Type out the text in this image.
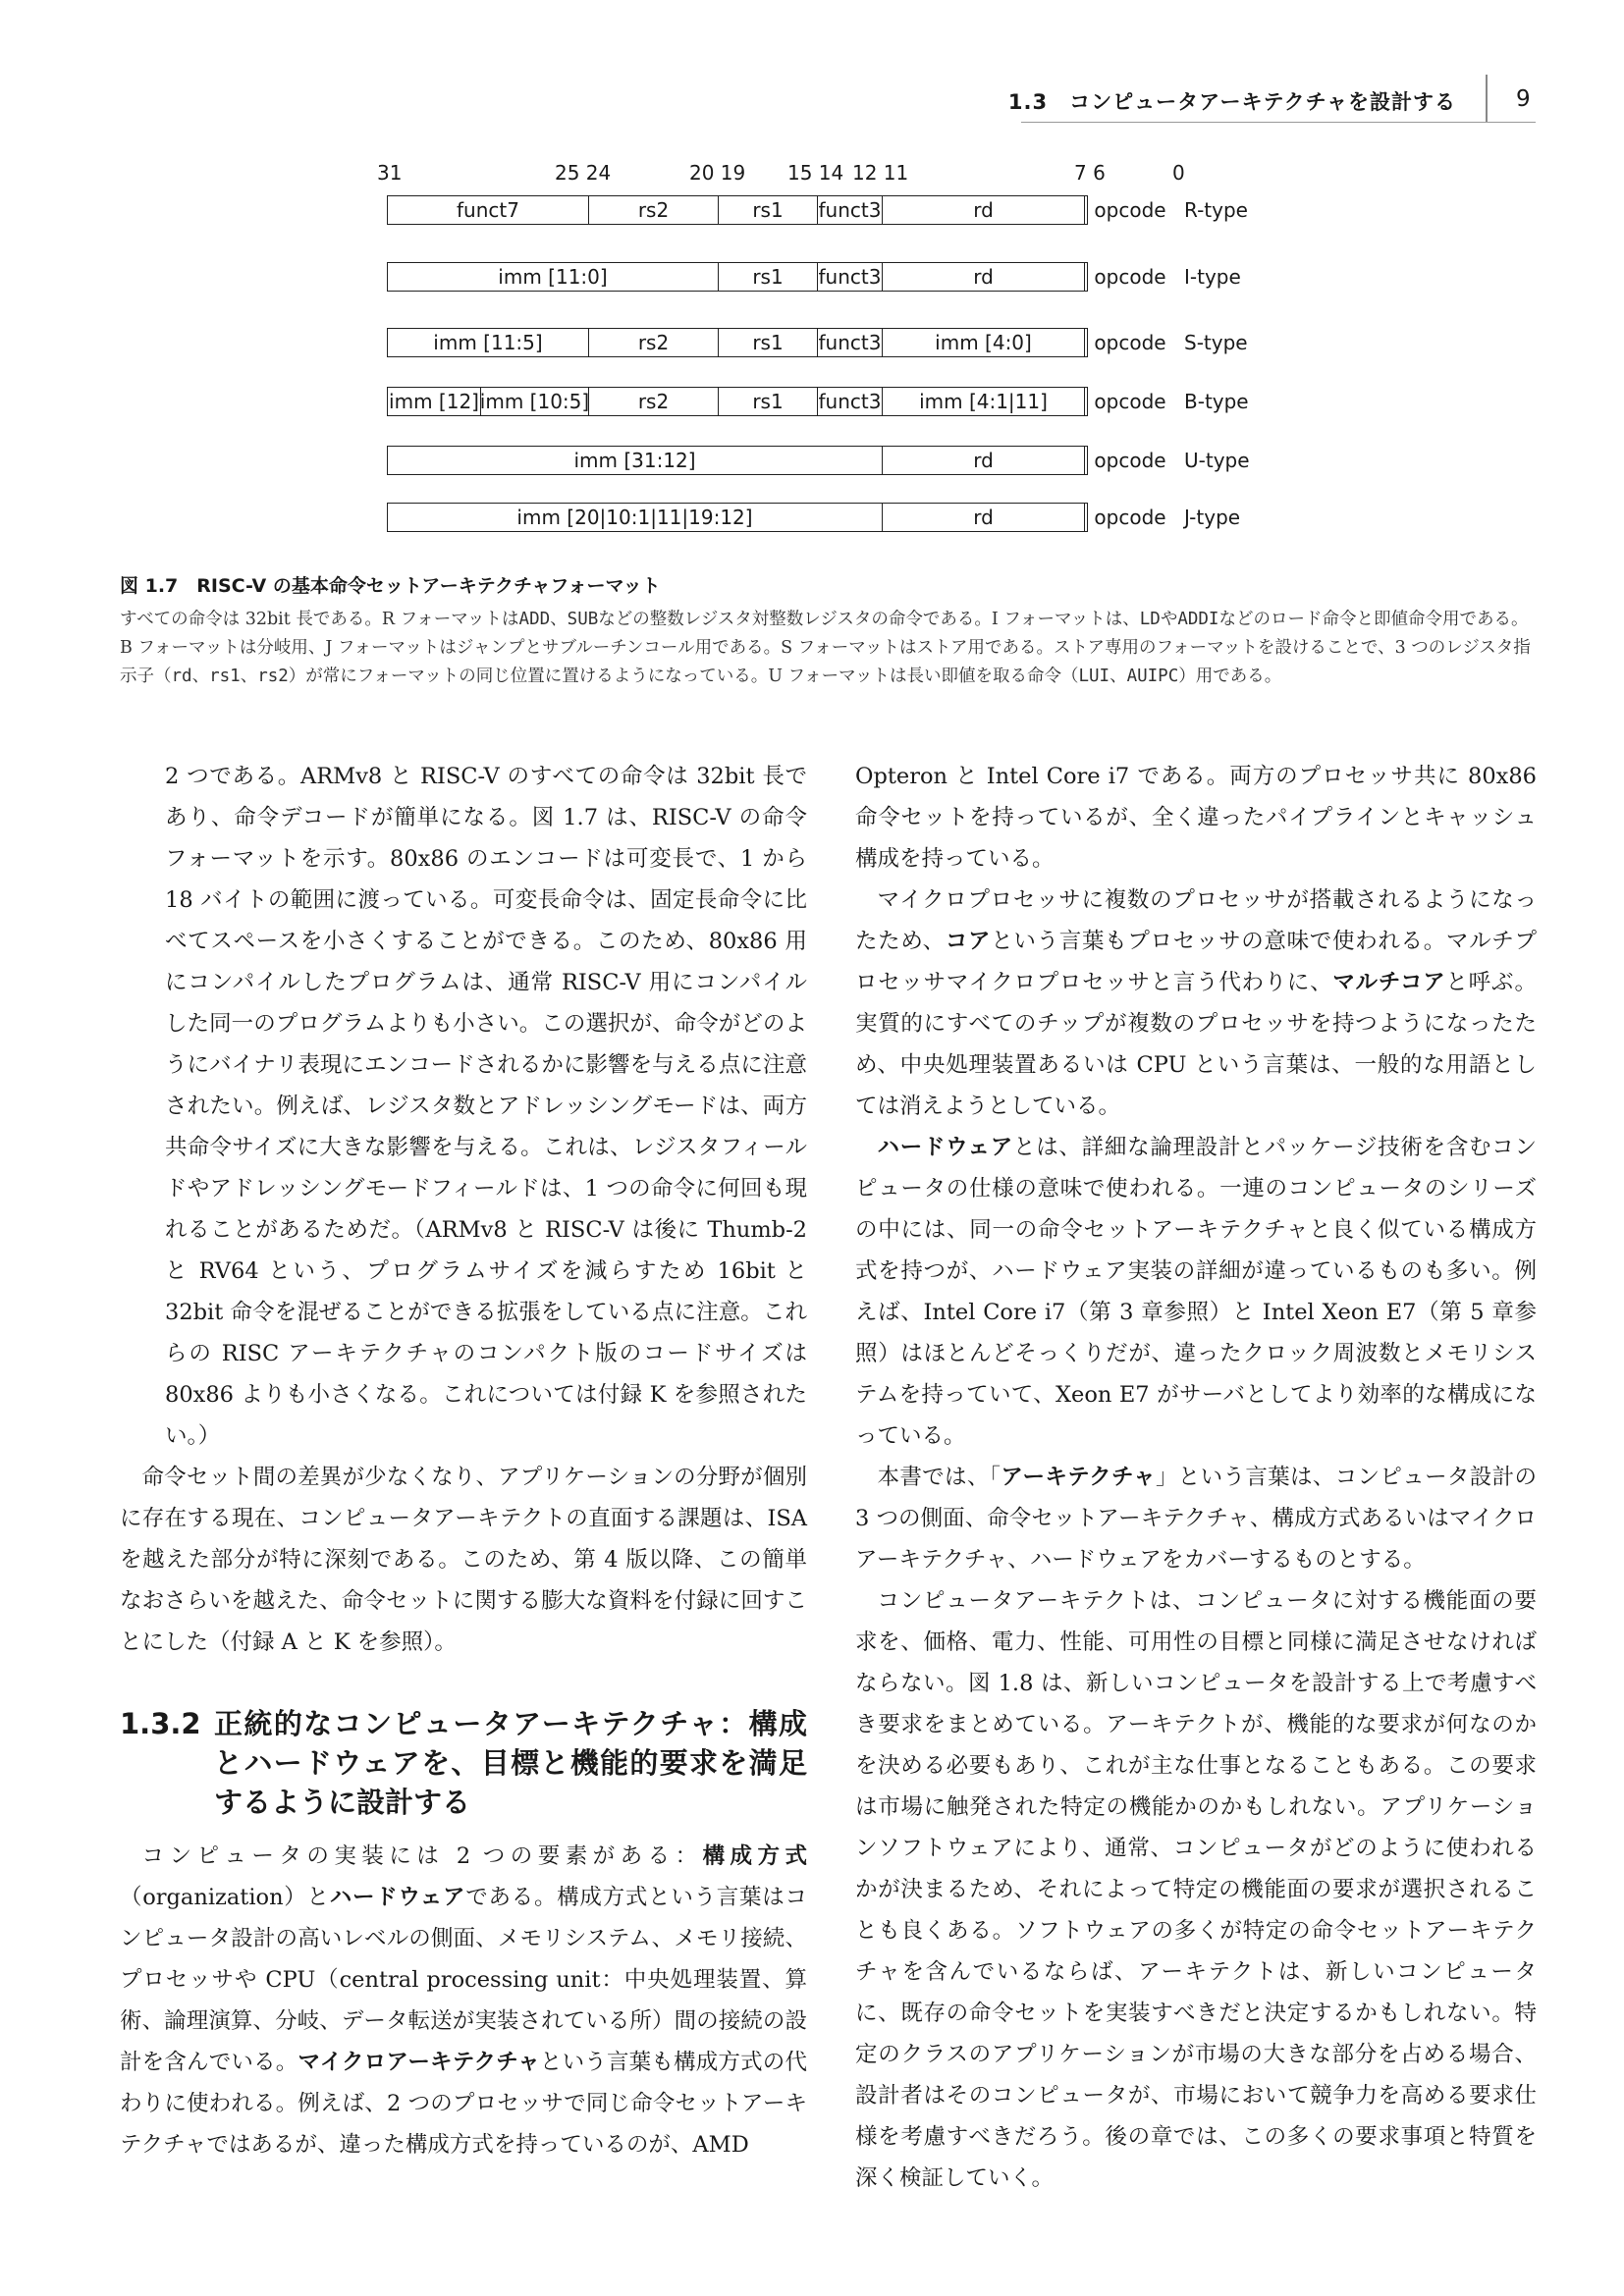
1.3　コンピュータアーキテクチャを設計する	9
31	25 24	20 19 15 14 12 11	7 6	0
funct7	rs2	rs1	funct3	rd	opcode R-type
imm [11:0]	rs1	funct3	rd	opcode I-type
imm [11:5]	rs2	rs1	funct3	imm [4:0]	opcode S-type
imm [12] imm [10:5]	rs2	rs1	funct3	imm [4:1|11]	opcode B-type
imm [31:12]	rd	opcode U-type
imm [20|10:1|11|19:12]	rd	opcode J-type
図 1.7　RISC-V の基本命令セットアーキテクチャフォーマット
すべての命令は 32bit 長である。R フォーマットはADD、SUBなどの整数レジスタ対整数レジスタの命令である。I フォーマットは、LDやADDIなどのロード命令と即値命令用である。B フォーマットは分岐用、J フォーマットはジャンプとサブルーチンコール用である。S フォーマットはストア用である。ストア専用のフォーマットを設けることで、3 つのレジスタ指示子（rd、rs1、rs2）が常にフォーマットの同じ位置に置けるようになっている。U フォーマットは長い即値を取る命令（LUI、AUIPC）用である。

2 つである。ARMv8 と RISC-V のすべての命令は 32bit 長であり、命令デコードが簡単になる。図 1.7 は、RISC-V の命令フォーマットを示す。80x86 のエンコードは可変長で、1 から 18 バイトの範囲に渡っている。可変長命令は、固定長命令に比べてスペースを小さくすることができる。このため、80x86 用にコンパイルしたプログラムは、通常 RISC-V 用にコンパイルした同一のプログラムよりも小さい。この選択が、命令がどのようにバイナリ表現にエンコードされるかに影響を与える点に注意されたい。例えば、レジスタ数とアドレッシングモードは、両方共命令サイズに大きな影響を与える。これは、レジスタフィールドやアドレッシングモードフィールドは、1 つの命令に何回も現れることがあるためだ。（ARMv8 と RISC-V は後に Thumb-2 と RV64 という、プログラムサイズを減らすため 16bit と 32bit 命令を混ぜることができる拡張をしている点に注意。これらの RISC アーキテクチャのコンパクト版のコードサイズは 80x86 よりも小さくなる。これについては付録 K を参照されたい。）

命令セット間の差異が少なくなり、アプリケーションの分野が個別に存在する現在、コンピュータアーキテクトの直面する課題は、ISA を越えた部分が特に深刻である。このため、第 4 版以降、この簡単なおさらいを越えた、命令セットに関する膨大な資料を付録に回すことにした（付録 A と K を参照）。

1.3.2 正統的なコンピュータアーキテクチャ：構成とハードウェアを、目標と機能的要求を満足するように設計する

コンピュータの実装には 2 つの要素がある：構成方式（organization）とハードウェアである。構成方式という言葉はコンピュータ設計の高いレベルの側面、メモリシステム、メモリ接続、プロセッサや CPU（central processing unit：中央処理装置、算術、論理演算、分岐、データ転送が実装されている所）間の接続の設計を含んでいる。マイクロアーキテクチャという言葉も構成方式の代わりに使われる。例えば、2 つのプロセッサで同じ命令セットアーキテクチャではあるが、違った構成方式を持っているのが、AMD

Opteron と Intel Core i7 である。両方のプロセッサ共に 80x86 命令セットを持っているが、全く違ったパイプラインとキャッシュ構成を持っている。

マイクロプロセッサに複数のプロセッサが搭載されるようになったため、コアという言葉もプロセッサの意味で使われる。マルチプロセッサマイクロプロセッサと言う代わりに、マルチコアと呼ぶ。実質的にすべてのチップが複数のプロセッサを持つようになったため、中央処理装置あるいは CPU という言葉は、一般的な用語としては消えようとしている。

ハードウェアとは、詳細な論理設計とパッケージ技術を含むコンピュータの仕様の意味で使われる。一連のコンピュータのシリーズの中には、同一の命令セットアーキテクチャと良く似ている構成方式を持つが、ハードウェア実装の詳細が違っているものも多い。例えば、Intel Core i7（第 3 章参照）と Intel Xeon E7（第 5 章参照）はほとんどそっくりだが、違ったクロック周波数とメモリシステムを持っていて、Xeon E7 がサーバとしてより効率的な構成になっている。

本書では、「アーキテクチャ」という言葉は、コンピュータ設計の 3 つの側面、命令セットアーキテクチャ、構成方式あるいはマイクロアーキテクチャ、ハードウェアをカバーするものとする。

コンピュータアーキテクトは、コンピュータに対する機能面の要求を、価格、電力、性能、可用性の目標と同様に満足させなければならない。図 1.8 は、新しいコンピュータを設計する上で考慮すべき要求をまとめている。アーキテクトが、機能的な要求が何なのかを決める必要もあり、これが主な仕事となることもある。この要求は市場に触発された特定の機能かのかもしれない。アプリケーションソフトウェアにより、通常、コンピュータがどのように使われるかが決まるため、それによって特定の機能面の要求が選択されることも良くある。ソフトウェアの多くが特定の命令セットアーキテクチャを含んでいるならば、アーキテクトは、新しいコンピュータに、既存の命令セットを実装すべきだと決定するかもしれない。特定のクラスのアプリケーションが市場の大きな部分を占める場合、設計者はそのコンピュータが、市場において競争力を高める要求仕様を考慮すべきだろう。後の章では、この多くの要求事項と特質を深く検証していく。
